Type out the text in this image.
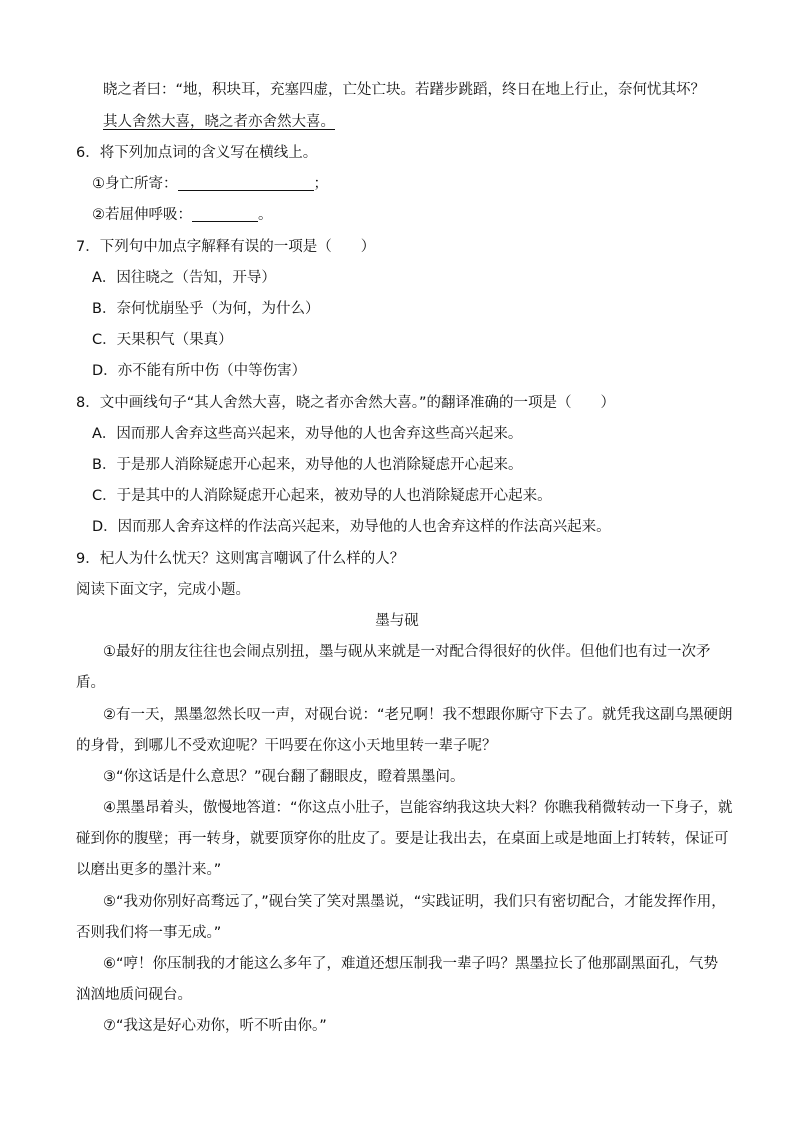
晓之者曰：“地，积块耳，充塞四虚，亡处亡块。若躇步跳蹈，终日在地上行止，奈何忧其坏？
其人舍然大喜，晓之者亦舍然大喜。
6．将下列加点词的含义写在横线上。
①身亡所寄：	；
②若屈伸呼吸：	。
7．下列句中加点字解释有误的一项是（　　）
A．因往晓之（告知，开导）
B．奈何忧崩坠乎（为何，为什么）
C．天果积气（果真）
D．亦不能有所中伤（中等伤害）
8．文中画线句子“其人舍然大喜，晓之者亦舍然大喜。”的翻译准确的一项是（　　）
A．因而那人舍弃这些高兴起来，劝导他的人也舍弃这些高兴起来。
B．于是那人消除疑虑开心起来，劝导他的人也消除疑虑开心起来。
C．于是其中的人消除疑虑开心起来，被劝导的人也消除疑虑开心起来。
D．因而那人舍弃这样的作法高兴起来，劝导他的人也舍弃这样的作法高兴起来。
9．杞人为什么忧天？这则寓言嘲讽了什么样的人？
阅读下面文字，完成小题。
墨与砚
①最好的朋友往往也会闹点别扭，墨与砚从来就是一对配合得很好的伙伴。但他们也有过一次矛
盾。
②有一天，黑墨忽然长叹一声，对砚台说：“老兄啊！我不想跟你厮守下去了。就凭我这副乌黑硬朗
的身骨，到哪儿不受欢迎呢？干吗要在你这小天地里转一辈子呢？
③“你这话是什么意思？”砚台翻了翻眼皮，瞪着黑墨问。
④黑墨昂着头，傲慢地答道：“你这点小肚子，岂能容纳我这块大料？你瞧我稍微转动一下身子，就
碰到你的腹壁；再一转身，就要顶穿你的肚皮了。要是让我出去，在桌面上或是地面上打转转，保证可
以磨出更多的墨汁来。”
⑤“我劝你别好高骛远了，”砚台笑了笑对黑墨说，“实践证明，我们只有密切配合，才能发挥作用，
否则我们将一事无成。”
⑥“哼！你压制我的才能这么多年了，难道还想压制我一辈子吗？黑墨拉长了他那副黑面孔，气势
汹汹地质问砚台。
⑦“我这是好心劝你，听不听由你。”
